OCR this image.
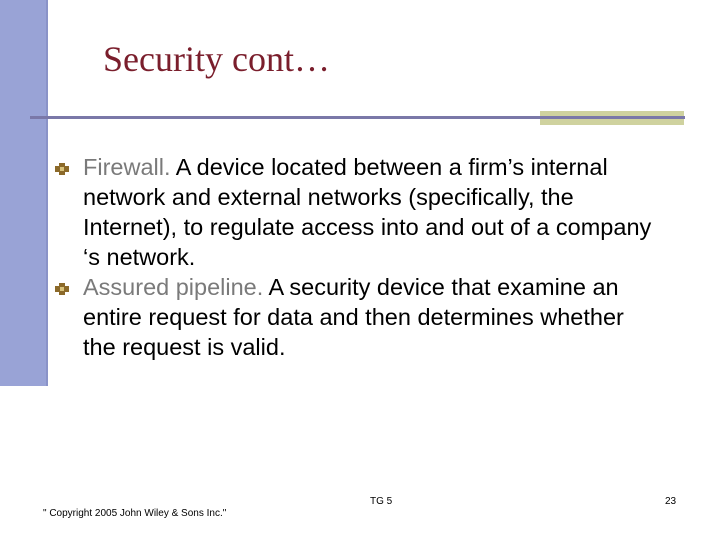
Security cont…

Firewall. A device located between a firm’s internal network and external networks (specifically, the Internet), to regulate access into and out of a company ‘s network.

Assured pipeline. A security device that examine an entire request for data and then determines whether the request is valid.

" Copyright 2005 John Wiley & Sons Inc."
TG 5	23
